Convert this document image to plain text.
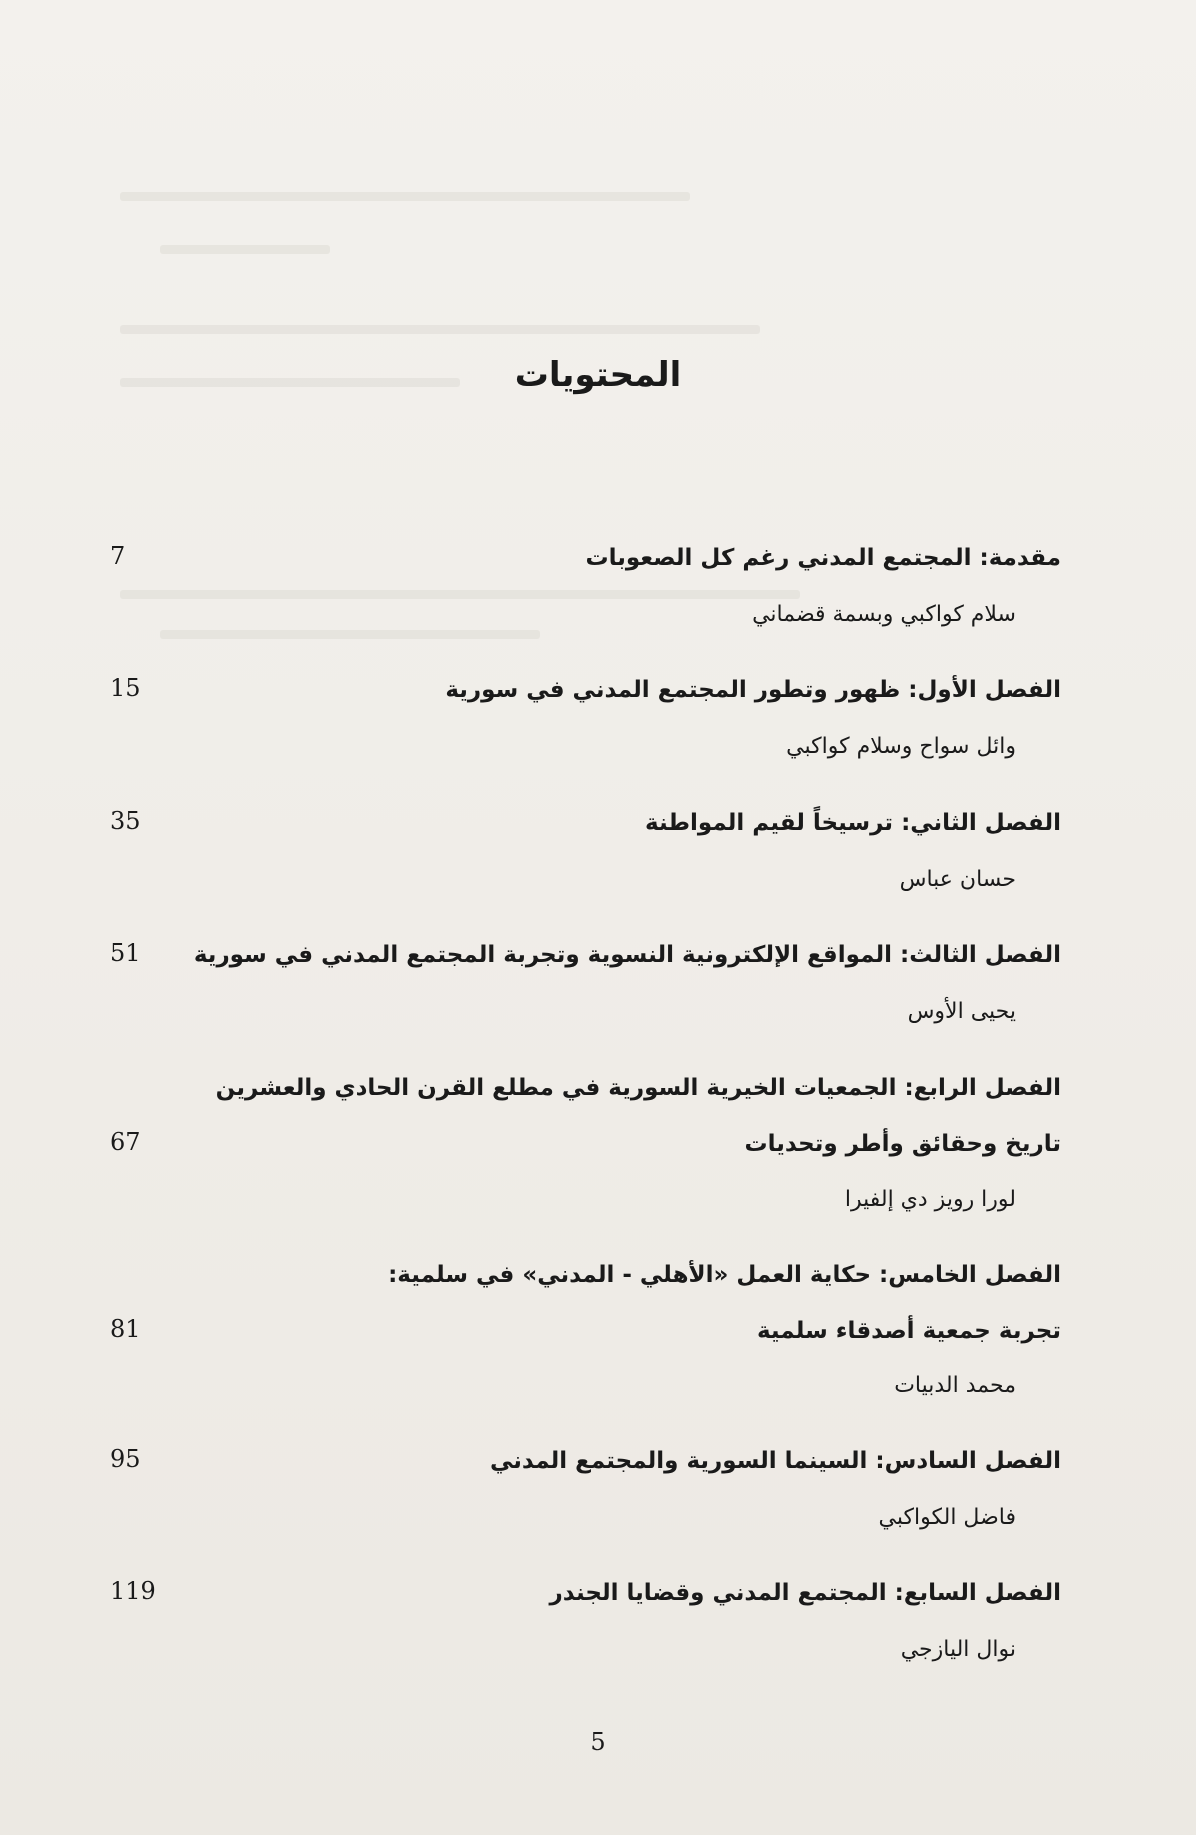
المحتويات
مقدمة: المجتمع المدني رغم كل الصعوبات
سلام كواكبي وبسمة قضماني
7
الفصل الأول: ظهور وتطور المجتمع المدني في سورية
وائل سواح وسلام كواكبي
15
الفصل الثاني: ترسيخاً لقيم المواطنة
حسان عباس
35
الفصل الثالث: المواقع الإلكترونية النسوية وتجربة المجتمع المدني في سورية
يحيى الأوس
51
الفصل الرابع: الجمعيات الخيرية السورية في مطلع القرن الحادي والعشرين
تاريخ وحقائق وأطر وتحديات
لورا رويز دي إلفيرا
67
الفصل الخامس: حكاية العمل «الأهلي - المدني» في سلمية:
تجربة جمعية أصدقاء سلمية
محمد الدبيات
81
الفصل السادس: السينما السورية والمجتمع المدني
فاضل الكواكبي
95
الفصل السابع: المجتمع المدني وقضايا الجندر
نوال اليازجي
119
5
